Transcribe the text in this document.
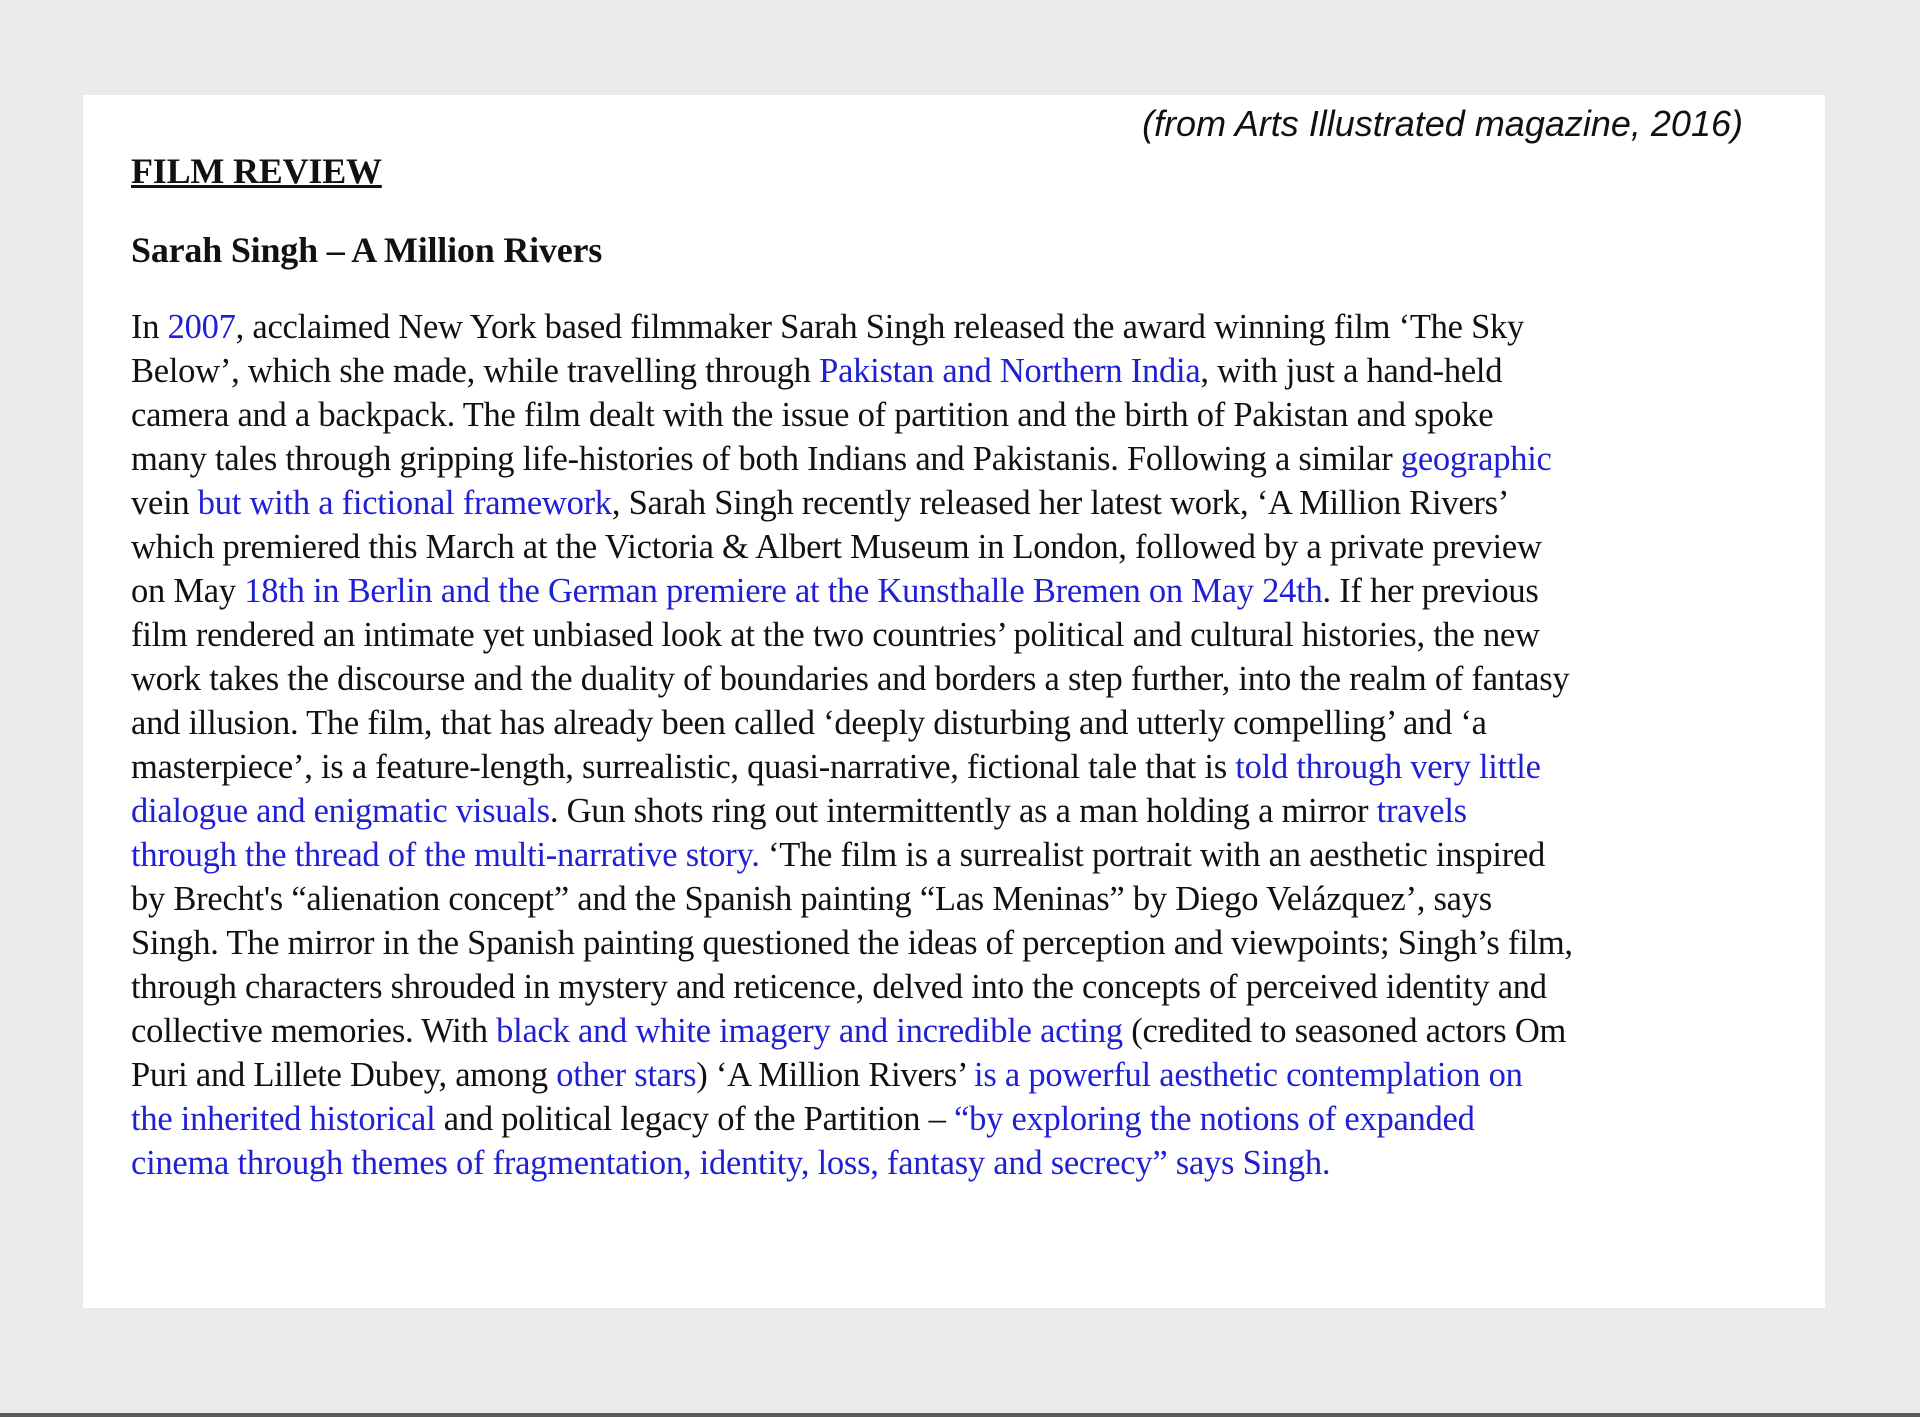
(from Arts Illustrated magazine, 2016)
FILM REVIEW
Sarah Singh – A Million Rivers
In 2007, acclaimed New York based filmmaker Sarah Singh released the award winning film ‘The Sky
Below’, which she made, while travelling through Pakistan and Northern India, with just a hand-held
camera and a backpack. The film dealt with the issue of partition and the birth of Pakistan and spoke
many tales through gripping life-histories of both Indians and Pakistanis. Following a similar geographic
vein but with a fictional framework, Sarah Singh recently released her latest work, ‘A Million Rivers’
which premiered this March at the Victoria & Albert Museum in London, followed by a private preview
on May 18th in Berlin and the German premiere at the Kunsthalle Bremen on May 24th. If her previous
film rendered an intimate yet unbiased look at the two countries’ political and cultural histories, the new
work takes the discourse and the duality of boundaries and borders a step further, into the realm of fantasy
and illusion. The film, that has already been called ‘deeply disturbing and utterly compelling’ and ‘a
masterpiece’, is a feature-length, surrealistic, quasi-narrative, fictional tale that is told through very little
dialogue and enigmatic visuals. Gun shots ring out intermittently as a man holding a mirror travels
through the thread of the multi-narrative story. ‘The film is a surrealist portrait with an aesthetic inspired
by Brecht's “alienation concept” and the Spanish painting “Las Meninas” by Diego Velázquez’, says
Singh. The mirror in the Spanish painting questioned the ideas of perception and viewpoints; Singh’s film,
through characters shrouded in mystery and reticence, delved into the concepts of perceived identity and
collective memories. With black and white imagery and incredible acting (credited to seasoned actors Om
Puri and Lillete Dubey, among other stars) ‘A Million Rivers’ is a powerful aesthetic contemplation on
the inherited historical and political legacy of the Partition – “by exploring the notions of expanded
cinema through themes of fragmentation, identity, loss, fantasy and secrecy” says Singh.
